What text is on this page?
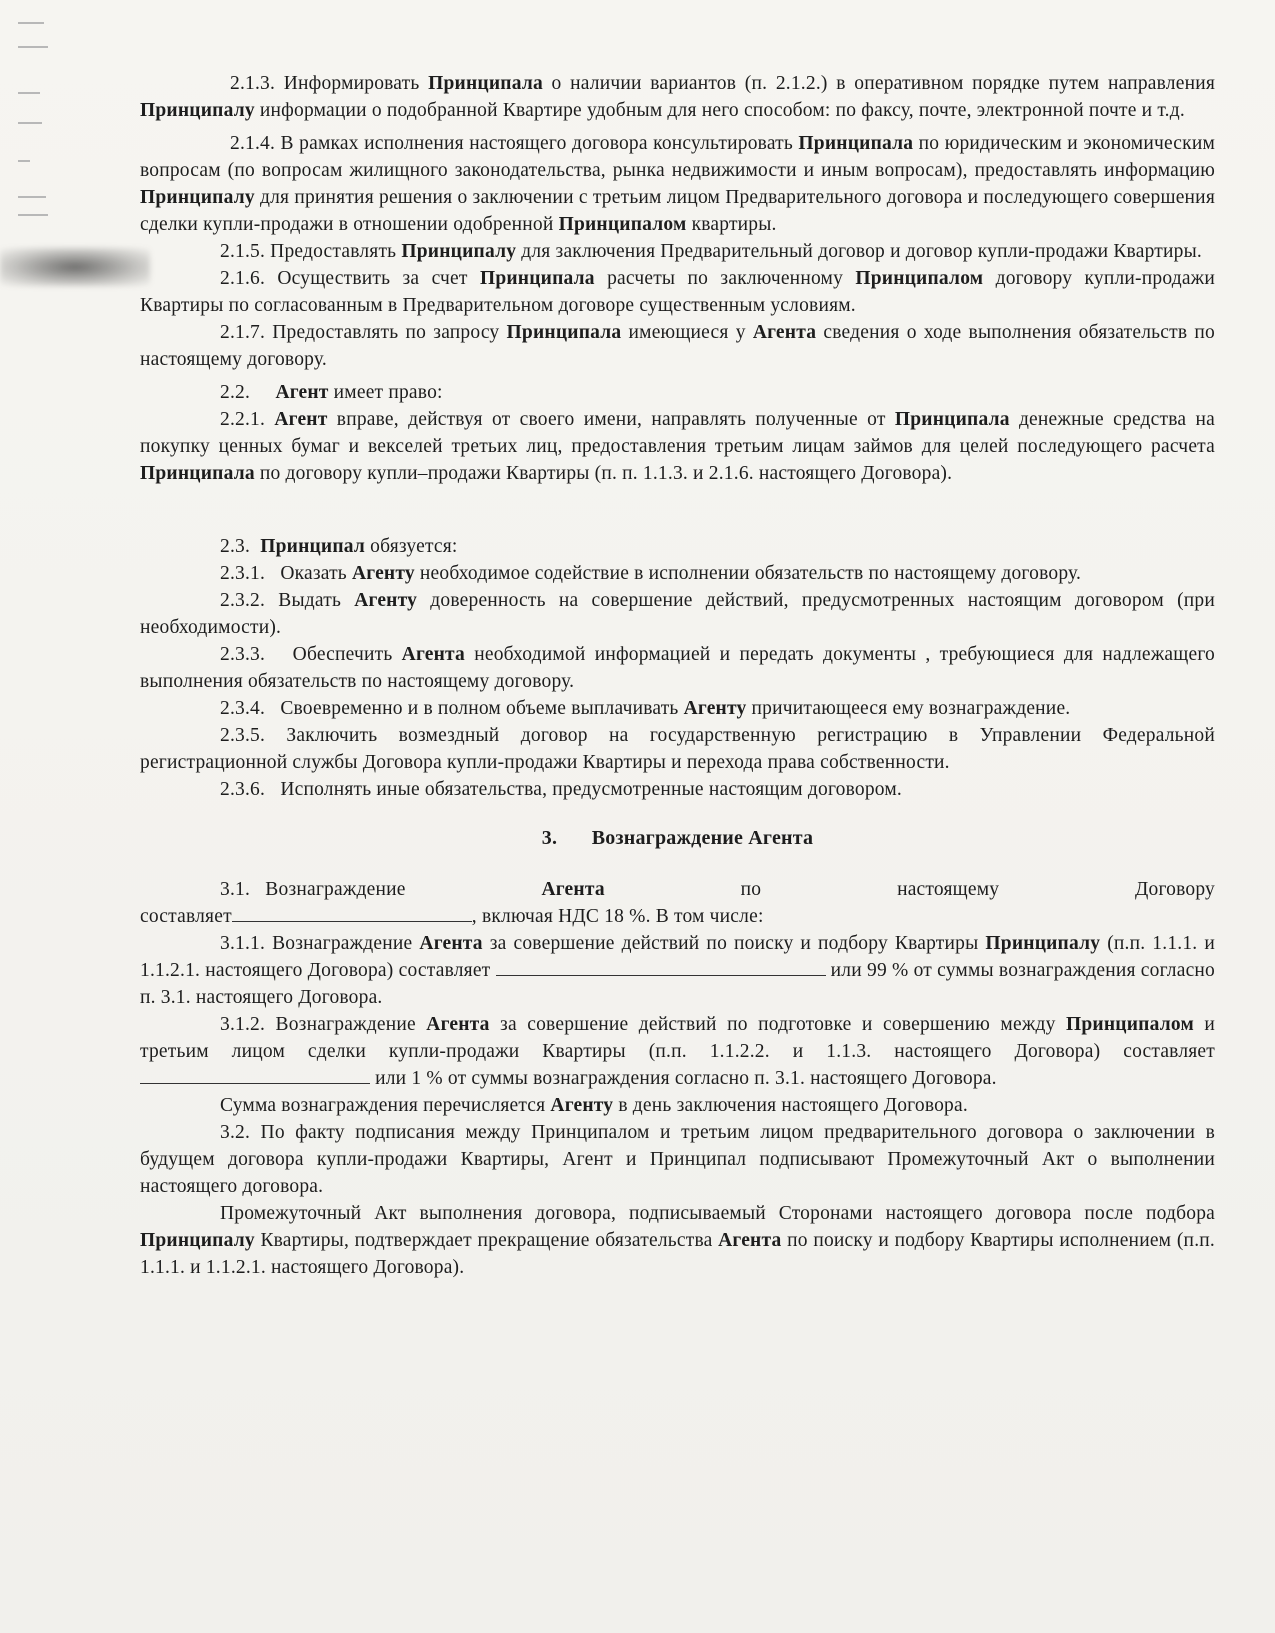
2.1.3. Информировать Принципала о наличии вариантов (п. 2.1.2.) в оперативном порядке путем направления Принципалу информации о подобранной Квартире удобным для него способом: по факсу, почте, электронной почте и т.д.

2.1.4. В рамках исполнения настоящего договора консультировать Принципала по юридическим и экономическим вопросам (по вопросам жилищного законодательства, рынка недвижимости и иным вопросам), предоставлять информацию Принципалу для принятия решения о заключении с третьим лицом Предварительного договора и последующего совершения сделки купли-продажи в отношении одобренной Принципалом квартиры.

2.1.5. Предоставлять Принципалу для заключения Предварительный договор и договор купли-продажи Квартиры.

2.1.6. Осуществить за счет Принципала расчеты по заключенному Принципалом договору купли-продажи Квартиры по согласованным в Предварительном договоре существенным условиям.

2.1.7. Предоставлять по запросу Принципала имеющиеся у Агента сведения о ходе выполнения обязательств по настоящему договору.

2.2. Агент имеет право:

2.2.1. Агент вправе, действуя от своего имени, направлять полученные от Принципала денежные средства на покупку ценных бумаг и векселей третьих лиц, предоставления третьим лицам займов для целей последующего расчета Принципала по договору купли–продажи Квартиры (п. п. 1.1.3. и 2.1.6. настоящего Договора).

2.3. Принципал обязуется:

2.3.1. Оказать Агенту необходимое содействие в исполнении обязательств по настоящему договору.

2.3.2. Выдать Агенту доверенность на совершение действий, предусмотренных настоящим договором (при необходимости).

2.3.3. Обеспечить Агента необходимой информацией и передать документы , требующиеся для надлежащего выполнения обязательств по настоящему договору.

2.3.4. Своевременно и в полном объеме выплачивать Агенту причитающееся ему вознаграждение.

2.3.5. Заключить возмездный договор на государственную регистрацию в Управлении Федеральной регистрационной службы Договора купли-продажи Квартиры и перехода права собственности.

2.3.6. Исполнять иные обязательства, предусмотренные настоящим договором.

3. Вознаграждение Агента

3.1. Вознаграждение	Агента	по	настоящему	Договору

составляет	, включая НДС 18 %. В том числе:

3.1.1. Вознаграждение Агента за совершение действий по поиску и подбору Квартиры Принципалу (п.п. 1.1.1. и 1.1.2.1. настоящего Договора) составляет	или 99 % от суммы вознаграждения согласно п. 3.1. настоящего Договора.

3.1.2. Вознаграждение Агента за совершение действий по подготовке и совершению между Принципалом и третьим лицом сделки купли-продажи Квартиры (п.п. 1.1.2.2. и 1.1.3. настоящего Договора) составляет  или 1 % от суммы вознаграждения согласно п. 3.1. настоящего Договора.

Сумма вознаграждения перечисляется Агенту в день заключения настоящего Договора.

3.2. По факту подписания между Принципалом и третьим лицом предварительного договора о заключении в будущем договора купли-продажи Квартиры, Агент и Принципал подписывают Промежуточный Акт о выполнении настоящего договора.

Промежуточный Акт выполнения договора, подписываемый Сторонами настоящего договора после подбора Принципалу Квартиры, подтверждает прекращение обязательства Агента по поиску и подбору Квартиры исполнением (п.п. 1.1.1. и 1.1.2.1. настоящего Договора).
